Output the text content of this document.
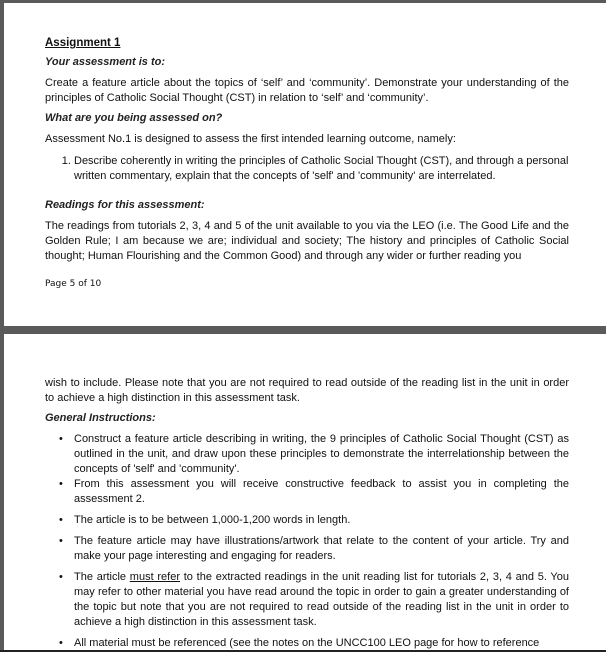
Assignment 1

Your assessment is to:

Create a feature article about the topics of ‘self’ and ‘community’. Demonstrate your understanding of the principles of Catholic Social Thought (CST) in relation to ‘self’ and ‘community’.

What are you being assessed on?

Assessment No.1 is designed to assess the first intended learning outcome, namely:

1. Describe coherently in writing the principles of Catholic Social Thought (CST), and through a personal written commentary, explain that the concepts of 'self' and 'community' are interrelated.

Readings for this assessment:

The readings from tutorials 2, 3, 4 and 5 of the unit available to you via the LEO (i.e. The Good Life and the Golden Rule; I am because we are; individual and society; The history and principles of Catholic Social thought; Human Flourishing and the Common Good) and through any wider or further reading you

Page 5 of 10

wish to include. Please note that you are not required to read outside of the reading list in the unit in order to achieve a high distinction in this assessment task.

General Instructions:

• Construct a feature article describing in writing, the 9 principles of Catholic Social Thought (CST) as outlined in the unit, and draw upon these principles to demonstrate the interrelationship between the concepts of 'self' and 'community'.
• From this assessment you will receive constructive feedback to assist you in completing the assessment 2.
• The article is to be between 1,000-1,200 words in length.
• The feature article may have illustrations/artwork that relate to the content of your article. Try and make your page interesting and engaging for readers.
• The article must refer to the extracted readings in the unit reading list for tutorials 2, 3, 4 and 5. You may refer to other material you have read around the topic in order to gain a greater understanding of the topic but note that you are not required to read outside of the reading list in the unit in order to achieve a high distinction in this assessment task.
• All material must be referenced (see the notes on the UNCC100 LEO page for how to reference
